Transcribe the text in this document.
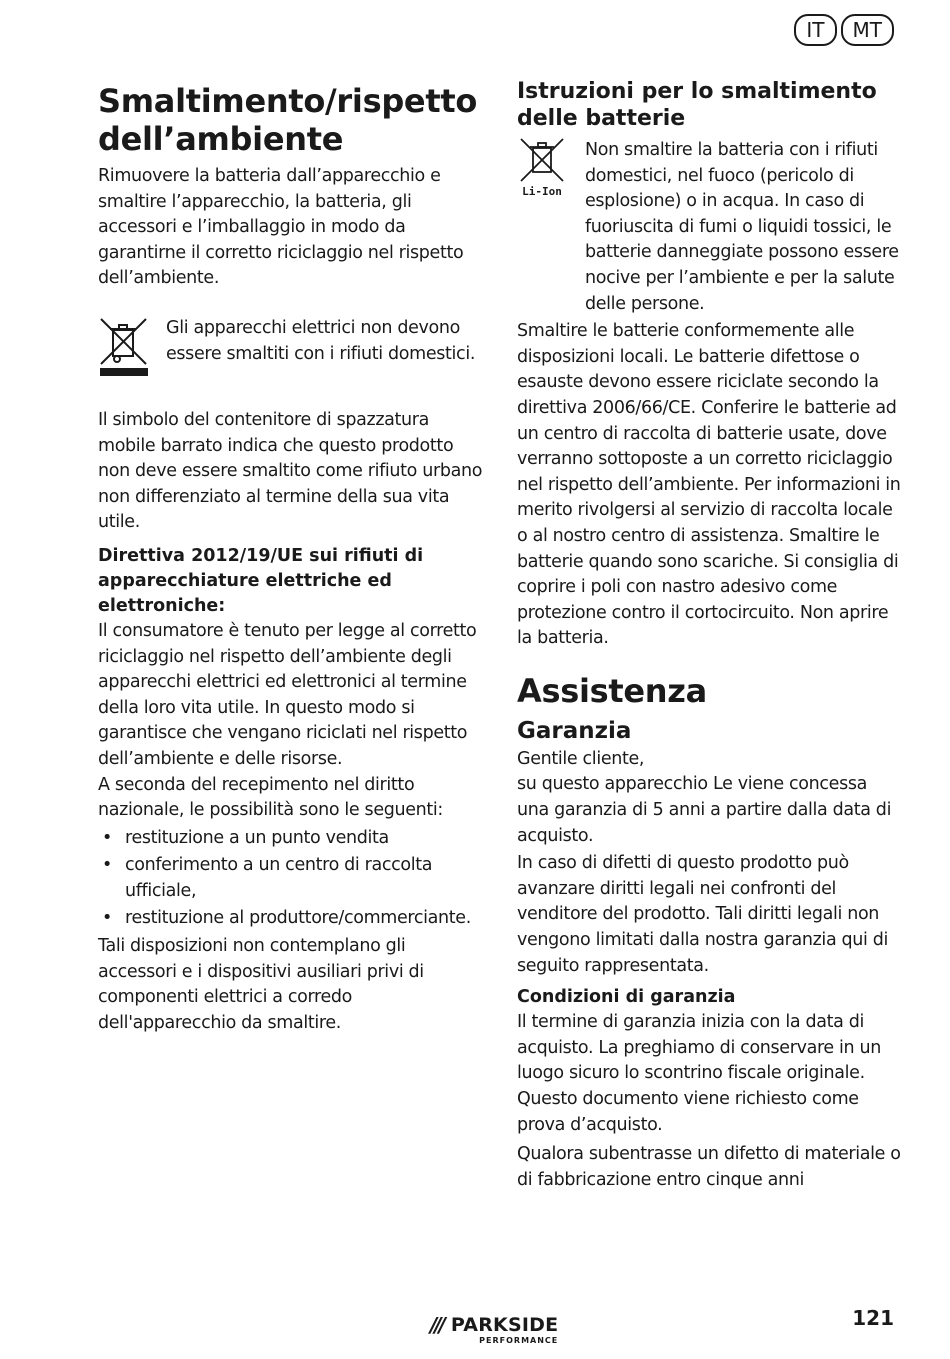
IT	MT
Smaltimento/rispetto dell’ambiente

Rimuovere la batteria dall’apparecchio e smaltire l’apparecchio, la batteria, gli accessori e l’imballaggio in modo da garantirne il corretto riciclaggio nel rispetto dell’ambiente.

Gli apparecchi elettrici non devono essere smaltiti con i rifiuti domestici.

Il simbolo del contenitore di spazzatura mobile barrato indica che questo prodotto non deve essere smaltito come rifiuto urbano non differenziato al termine della sua vita utile.

Direttiva 2012/19/UE sui rifiuti di apparecchiature elettriche ed elettroniche:

Il consumatore è tenuto per legge al corretto riciclaggio nel rispetto dell’ambiente degli apparecchi elettrici ed elettronici al termine della loro vita utile. In questo modo si garantisce che vengano riciclati nel rispetto dell’ambiente e delle risorse.

A seconda del recepimento nel diritto nazionale, le possibilità sono le seguenti:

• restituzione a un punto vendita
• conferimento a un centro di raccolta ufficiale,
• restituzione al produttore/commerciante.

Tali disposizioni non contemplano gli accessori e i dispositivi ausiliari privi di componenti elettrici a corredo dell'apparecchio da smaltire.

Istruzioni per lo smaltimento delle batterie
Li-Ion

Non smaltire la batteria con i rifiuti domestici, nel fuoco (pericolo di esplosione) o in acqua. In caso di fuoriuscita di fumi o liquidi tossici, le batterie danneggiate possono essere nocive per l’ambiente e per la salute delle persone.

Smaltire le batterie conformemente alle disposizioni locali. Le batterie difettose o esauste devono essere riciclate secondo la direttiva 2006/66/CE. Conferire le batterie ad un centro di raccolta di batterie usate, dove verranno sottoposte a un corretto riciclaggio nel rispetto dell’ambiente. Per informazioni in merito rivolgersi al servizio di raccolta locale o al nostro centro di assistenza. Smaltire le batterie quando sono scariche. Si consiglia di coprire i poli con nastro adesivo come protezione contro il cortocircuito. Non aprire la batteria.

Assistenza
Garanzia

Gentile cliente,

su questo apparecchio Le viene concessa una garanzia di 5 anni a partire dalla data di acquisto.

In caso di difetti di questo prodotto può avanzare diritti legali nei confronti del venditore del prodotto. Tali diritti legali non vengono limitati dalla nostra garanzia qui di seguito rappresentata.

Condizioni di garanzia

Il termine di garanzia inizia con la data di acquisto. La preghiamo di conservare in un luogo sicuro lo scontrino fiscale originale. Questo documento viene richiesto come prova d’acquisto.

Qualora subentrasse un difetto di materiale o di fabbricazione entro cinque anni

/// PARKSIDE
PERFORMANCE
121
